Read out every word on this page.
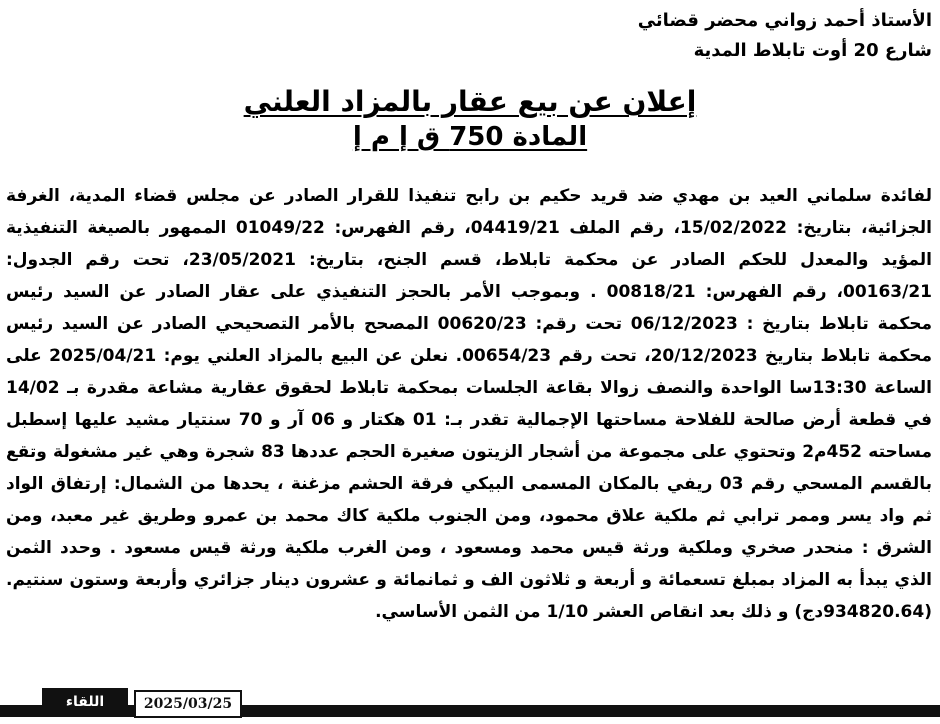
الأستاذ أحمد زواني محضر قضائي
شارع 20 أوت تابلاط المدية
إعلان عن بيع عقار بالمزاد العلني
المادة 750 ق إ م إ
لفائدة سلماني العيد بن مهدي ضد قريد حكيم بن رابح تنفيذا للقرار الصادر عن مجلس قضاء المدية، الغرفة الجزائية، بتاريخ: 15/02/2022، رقم الملف 04419/21، رقم الفهرس: 01049/22 الممهور بالصيغة التنفيذية المؤيد والمعدل للحكم الصادر عن محكمة تابلاط، قسم الجنح، بتاريخ: 23/05/2021، تحت رقم الجدول: 00163/21، رقم الفهرس: 00818/21 . وبموجب الأمر بالحجز التنفيذي على عقار الصادر عن السيد رئيس محكمة تابلاط بتاريخ : 06/12/2023 تحت رقم: 00620/23 المصحح بالأمر التصحيحي الصادر عن السيد رئيس محكمة تابلاط بتاريخ 20/12/2023، تحت رقم 00654/23. نعلن عن البيع بالمزاد العلني يوم: 2025/04/21 على الساعة 13:30سا الواحدة والنصف زوالا بقاعة الجلسات بمحكمة تابلاط لحقوق عقارية مشاعة مقدرة بـ 14/02 في قطعة أرض صالحة للفلاحة مساحتها الإجمالية تقدر بـ: 01 هكتار و 06 آر و 70 سنتيار مشيد عليها إسطبل مساحته 452م2 وتحتوي على مجموعة من أشجار الزيتون صغيرة الحجم عددها 83 شجرة وهي غير مشغولة وتقع بالقسم المسحي رقم 03 ريفي بالمكان المسمى البيكي فرقة الحشم مزغنة ، يحدها من الشمال: إرتفاق الواد ثم واد يسر وممر ترابي ثم ملكية علاق محمود، ومن الجنوب ملكية كاك محمد بن عمرو وطريق غير معبد، ومن الشرق : منحدر صخري وملكية ورثة قيس محمد ومسعود ، ومن الغرب ملكية ورثة قيس مسعود . وحدد الثمن الذي يبدأ به المزاد بمبلغ تسعمائة و أربعة و ثلاثون الف و ثمانمائة و عشرون دينار جزائري وأربعة وستون سنتيم. (934820.64دج) و ذلك بعد انقاص العشر 1/10 من الثمن الأساسي.
اللقاء	2025/03/25
